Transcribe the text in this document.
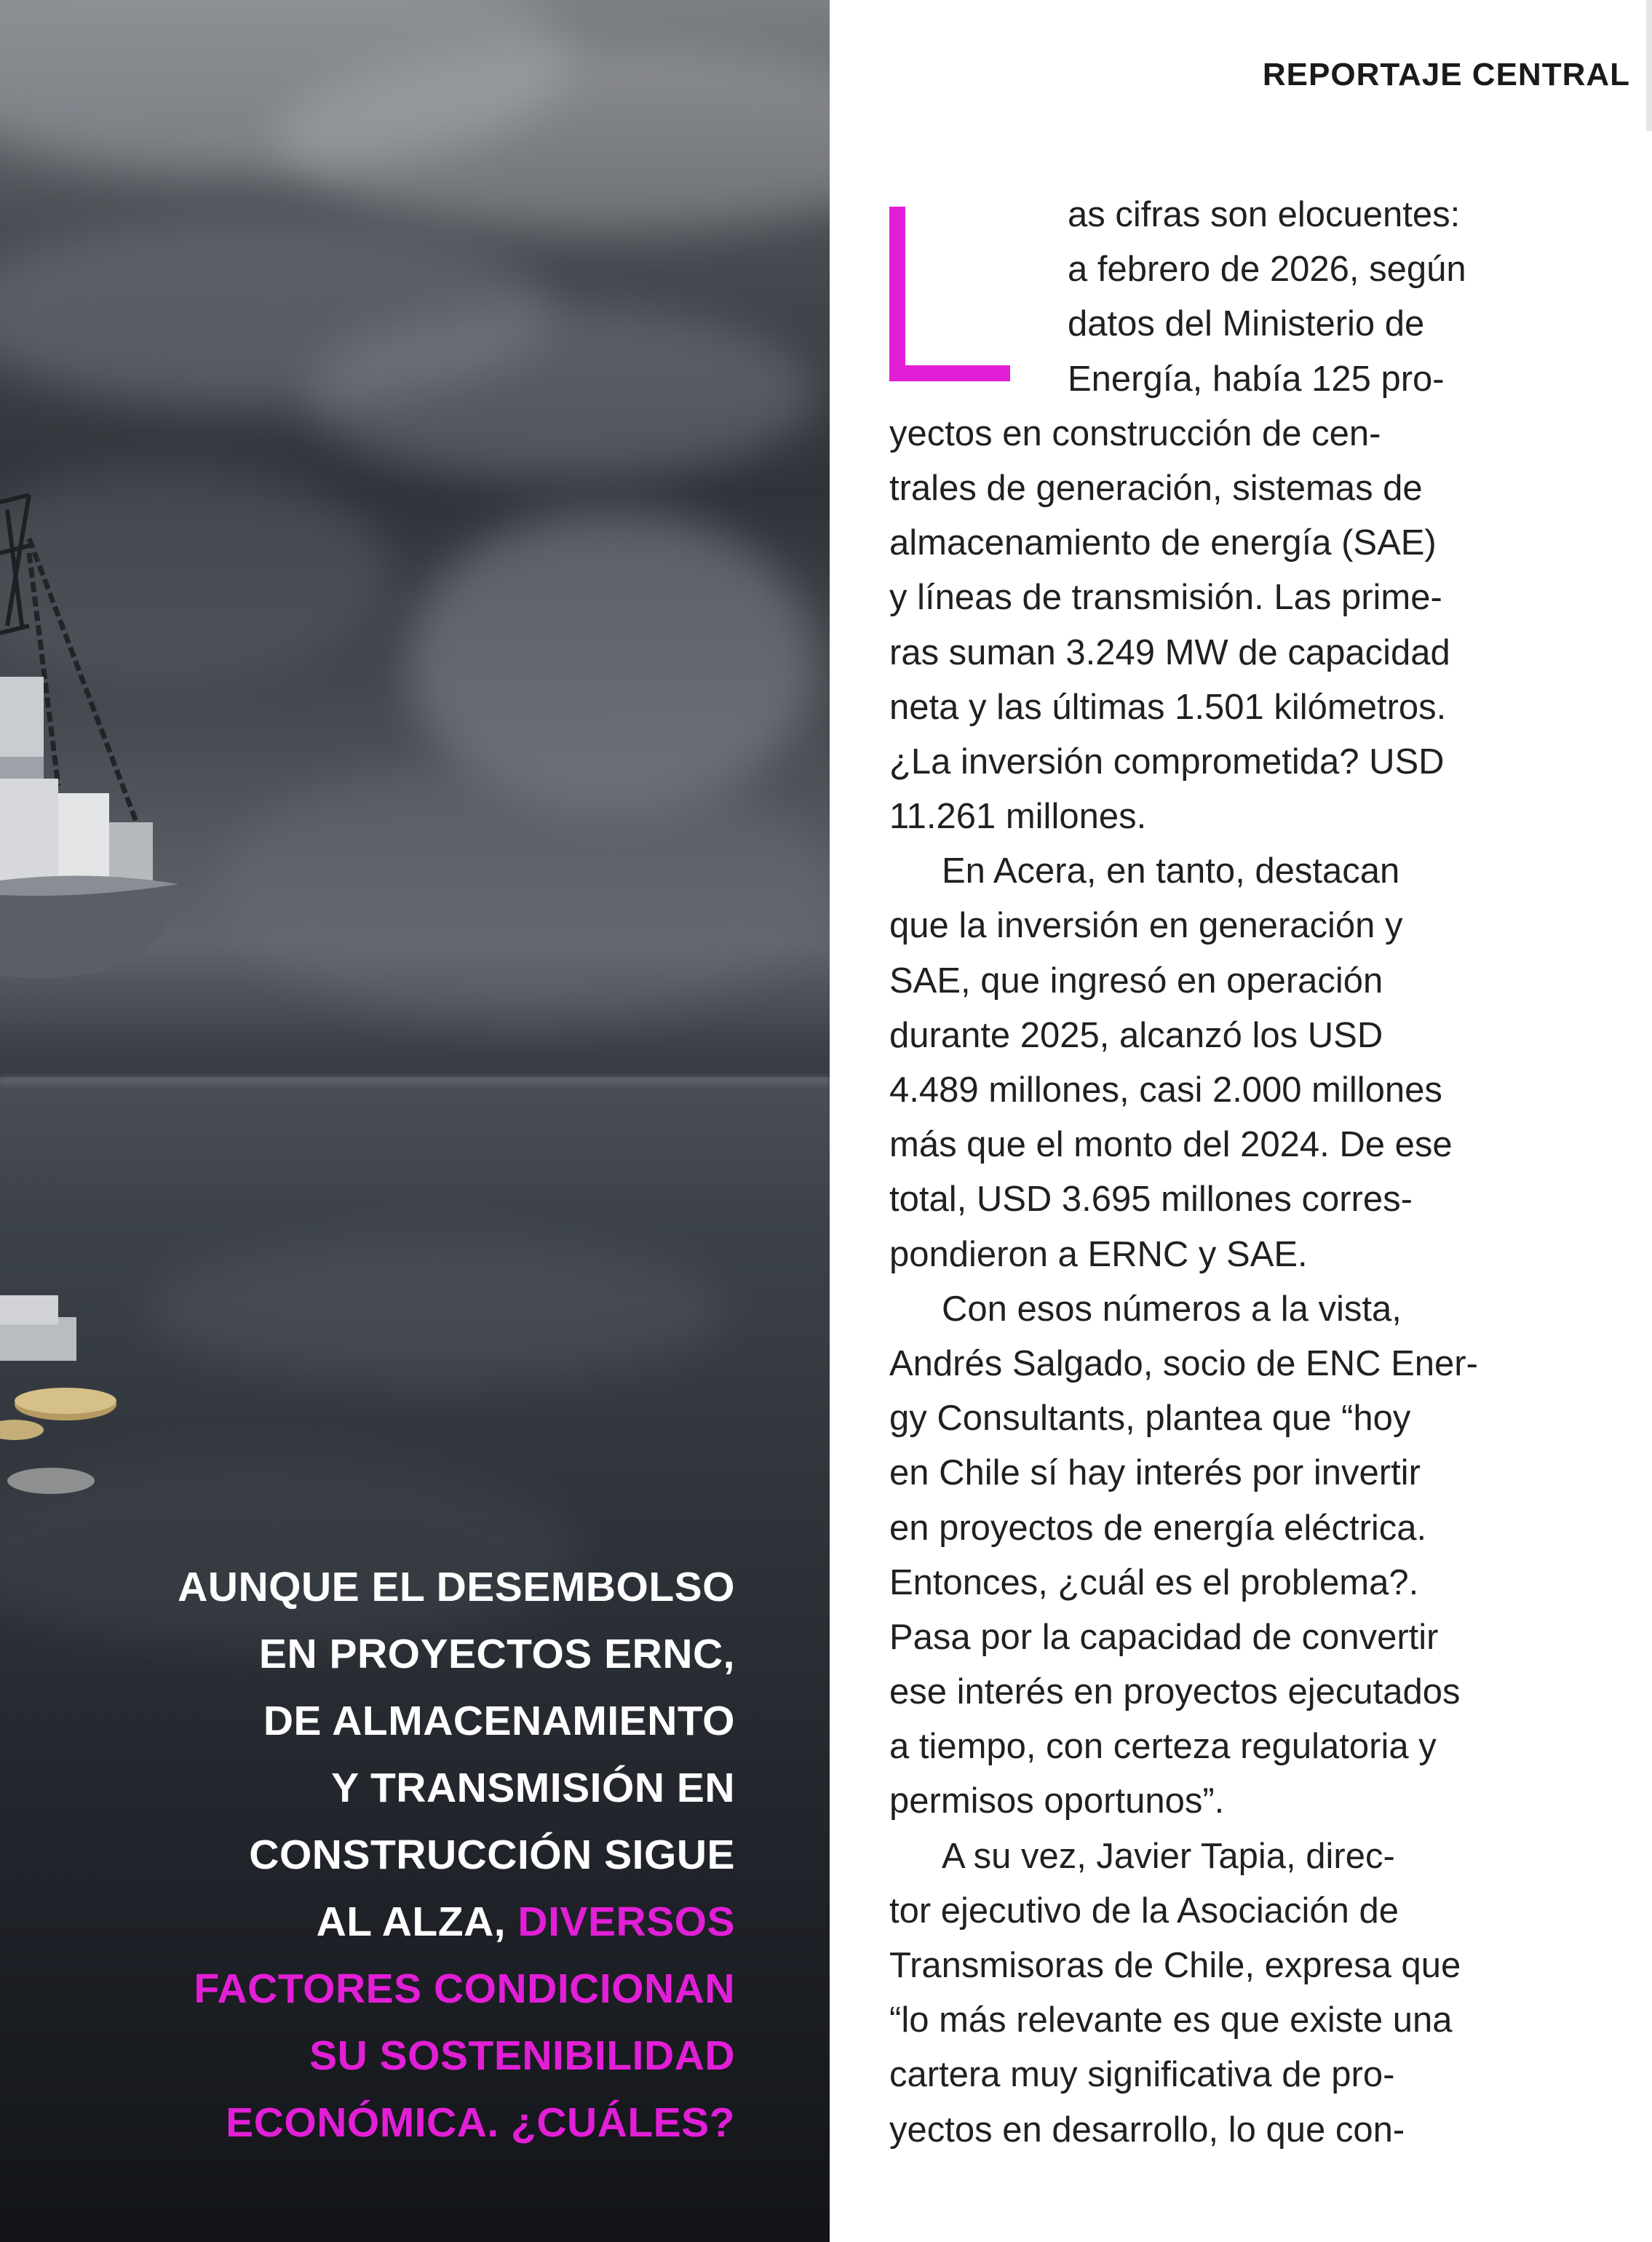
AUNQUE EL DESEMBOLSO
EN PROYECTOS ERNC,
DE ALMACENAMIENTO
Y TRANSMISIÓN EN
CONSTRUCCIÓN SIGUE
AL ALZA, DIVERSOS
FACTORES CONDICIONAN
SU SOSTENIBILIDAD
ECONÓMICA. ¿CUÁLES?
REPORTAJE CENTRAL
as cifras son elocuentes:
a febrero de 2026, según
datos del Ministerio de
Energía, había 125 pro-
yectos en construcción de cen-
trales de generación, sistemas de
almacenamiento de energía (SAE)
y líneas de transmisión. Las prime-
ras suman 3.249 MW de capacidad
neta y las últimas 1.501 kilómetros.
¿La inversión comprometida? USD
11.261 millones.
En Acera, en tanto, destacan
que la inversión en generación y
SAE, que ingresó en operación
durante 2025, alcanzó los USD
4.489 millones, casi 2.000 millones
más que el monto del 2024. De ese
total, USD 3.695 millones corres-
pondieron a ERNC y SAE.
Con esos números a la vista,
Andrés Salgado, socio de ENC Ener-
gy Consultants, plantea que “hoy
en Chile sí hay interés por invertir
en proyectos de energía eléctrica.
Entonces, ¿cuál es el problema?.
Pasa por la capacidad de convertir
ese interés en proyectos ejecutados
a tiempo, con certeza regulatoria y
permisos oportunos”.
A su vez, Javier Tapia, direc-
tor ejecutivo de la Asociación de
Transmisoras de Chile, expresa que
“lo más relevante es que existe una
cartera muy significativa de pro-
yectos en desarrollo, lo que con-
